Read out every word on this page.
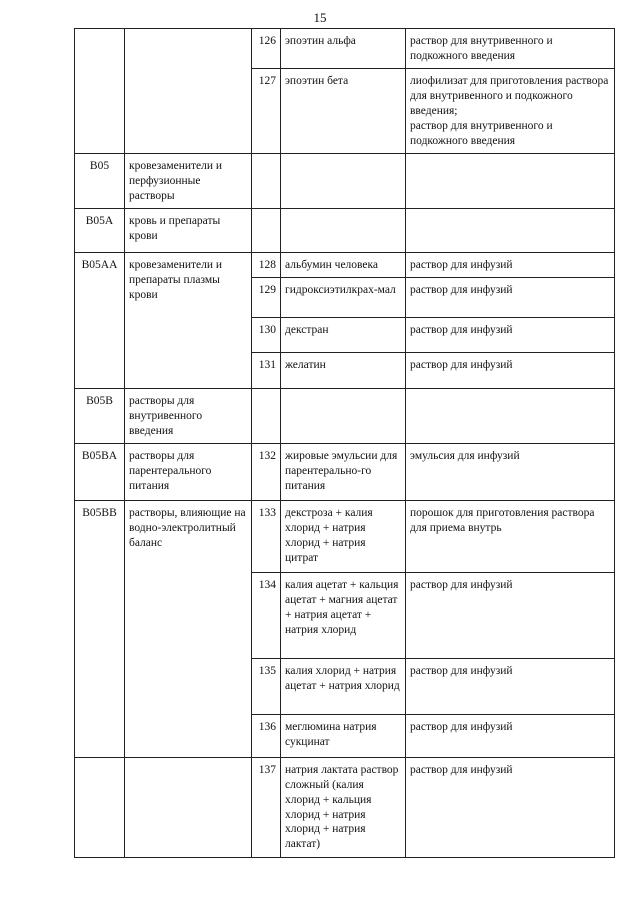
15
		126	эпоэтин альфа	раствор для внутривенного и подкожного введения

		127	эпоэтин бета	лиофилизат для приготовления раствора для внутривенного и подкожного введения;
раствор для внутривенного и подкожного введения

B05	кровезаменители и перфузионные растворы			
B05A	кровь и препараты крови			
B05AA	кровезаменители и препараты плазмы крови	128	альбумин человека	раствор для инфузий

		129	гидроксиэтилкрах-мал	раствор для инфузий

		130	декстран	раствор для инфузий

		131	желатин	раствор для инфузий

B05B	растворы для внутривенного введения			
B05BA	растворы для парентерального питания	132	жировые эмульсии для парентерально-го питания	эмульсия для инфузий

B05BB	растворы, влияющие на водно-электролитный баланс	133	декстроза + калия хлорид + натрия хлорид + натрия цитрат	порошок для приготовления раствора для приема внутрь

		134	калия ацетат + кальция ацетат + магния ацетат + натрия ацетат + натрия хлорид	раствор для инфузий

		135	калия хлорид + натрия ацетат + натрия хлорид	раствор для инфузий

		136	меглюмина натрия сукцинат	раствор для инфузий

		137	натрия лактата раствор сложный (калия хлорид + кальция хлорид + натрия хлорид + натрия лактат)	раствор для инфузий
